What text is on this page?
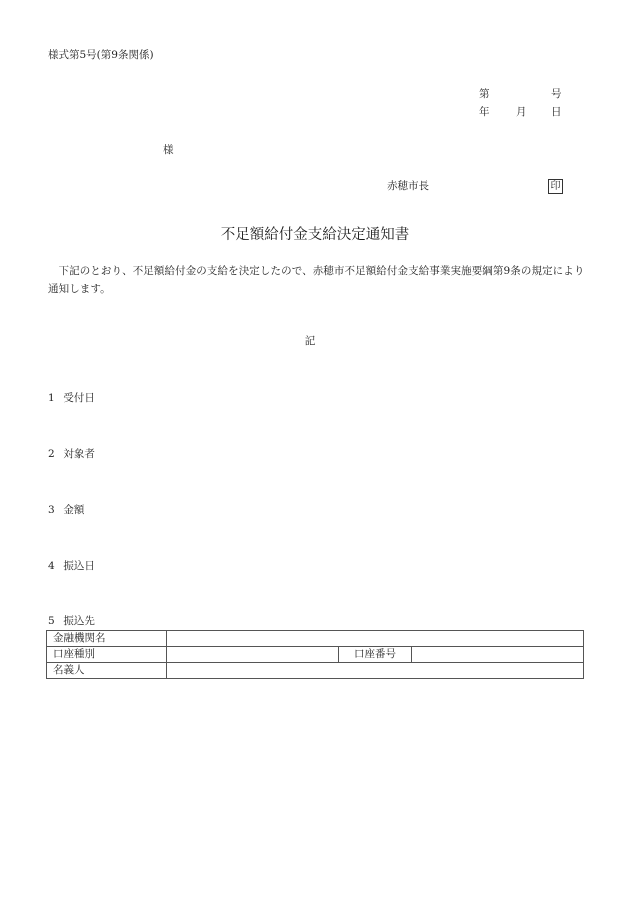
様式第5号(第9条関係)
第	号
年	月 日
様
赤穂市長	印
不足額給付金支給決定通知書
下記のとおり、不足額給付金の支給を決定したので、赤穂市不足額給付金支給事業実施要綱第9条の規定により通知します。
記
1 受付日
2 対象者
3 金額
4 振込日
5 振込先
金融機関名			
口座種別		口座番号	
名義人			
